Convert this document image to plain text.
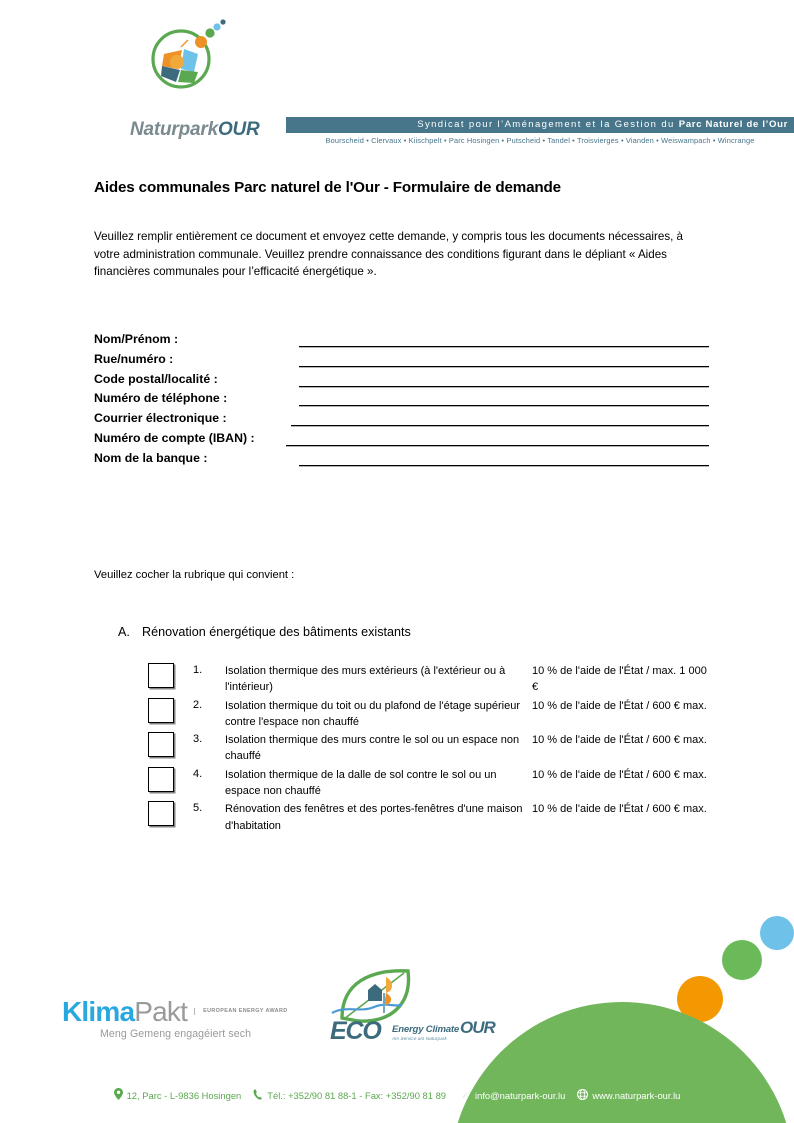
NaturparkOUR	Syndicat pour l’Aménagement et la Gestion du Parc Naturel de l’Our
Bourscheid • Clervaux • Kiischpelt • Parc Hosingen • Putscheid • Tandel • Troisvierges • Vianden • Weiswampach • Wincrange
Aides communales Parc naturel de l'Our - Formulaire de demande

Veuillez remplir entièrement ce document et envoyez cette demande, y compris tous les documents nécessaires, à votre administration communale. Veuillez prendre connaissance des conditions figurant dans le dépliant « Aides financières communales pour l’efficacité énergétique ».

Nom/Prénom :
Rue/numéro :
Code postal/localité :
Numéro de téléphone :
Courrier électronique :
Numéro de compte (IBAN) :
Nom de la banque :
Veuillez cocher la rubrique qui convient :
A. Rénovation énergétique des bâtiments existants
1.	Isolation thermique des murs extérieurs (à l'extérieur ou à l'intérieur)
10 % de l'aide de l'État / max. 1 000 €
2.	Isolation thermique du toit ou du plafond de l'étage supérieur contre l'espace non chauffé
10 % de l'aide de l'État / 600 € max.
3.	Isolation thermique des murs contre le sol ou un espace non chauffé
10 % de l'aide de l'État / 600 € max.
4.	Isolation thermique de la dalle de sol contre le sol ou un espace non chauffé
10 % de l'aide de l'État / 600 € max.
5.	Rénovation des fenêtres et des portes-fenêtres d'une maison d'habitation
10 % de l'aide de l'État / 600 € max.
KlimaPakt	EUROPEAN ENERGY AWARD
Meng Gemeng engagéiert sech	ECO Energy Climate
Am Service am Naturpark
OUR
12, Parc - L-9836 Hosingen	Tél.: +352/90 81 88-1 - Fax: +352/90 81 89	info@naturpark-our.lu	www.naturpark-our.lu
